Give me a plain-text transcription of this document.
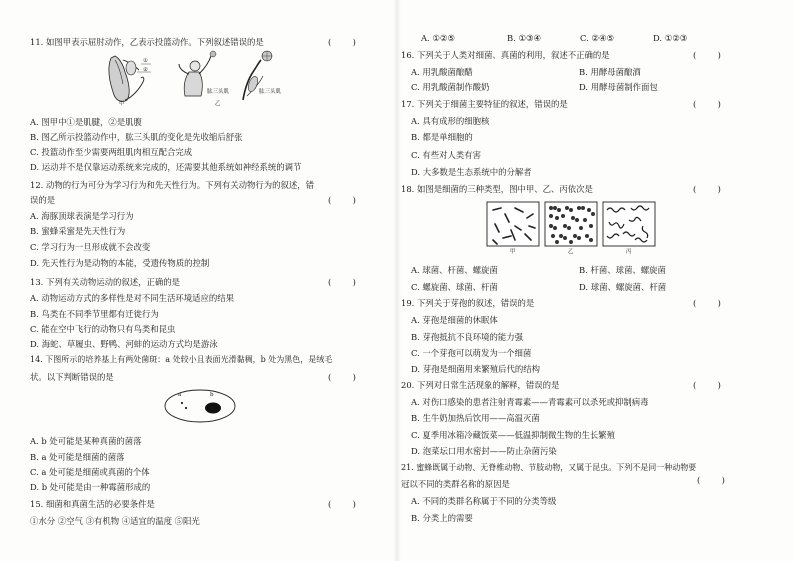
11. 如图甲表示屈肘动作，乙表示投篮动作。下列叙述错误的是	(        )
①
②
甲
肱三头肌
乙
肱三头肌
A. 图甲中①是肌腱，②是肌腹
B. 图乙所示投篮动作中，肱三头肌的变化是先收缩后舒张
C. 投篮动作至少需要两组肌肉相互配合完成
D. 运动并不是仅靠运动系统来完成的，还需要其他系统如神经系统的调节
12. 动物的行为可分为学习行为和先天性行为。下列有关动物行为的叙述，错
误的是	(        )
A. 海豚顶球表演是学习行为
B. 蜜蜂采蜜是先天性行为
C. 学习行为一旦形成就不会改变
D. 先天性行为是动物的本能，受遗传物质的控制
13. 下列有关动物运动的叙述，正确的是	(        )
A. 动物运动方式的多样性是对不同生活环境适应的结果
B. 鸟类在不同季节里都有迁徙行为
C. 能在空中飞行的动物只有鸟类和昆虫
D. 海蛇、草履虫、野鸭、河蚌的运动方式均是游泳
14. 下图所示的培养基上有两处菌斑：a 处较小且表面光滑黏稠，b 处为黑色，是绒毛
状。以下判断错误的是	(        )
a	b
A. b 处可能是某种真菌的菌落
B. a 处可能是细菌的菌落
C. a 处可能是细菌或真菌的个体
D. b 处可能是由一种霉菌形成的
15. 细菌和真菌生活的必要条件是	(        )
①水分 ②空气 ③有机物 ④适宜的温度 ⑤阳光
A. ①②⑤	B. ①③④	C. ②④⑤	D. ①②③
16. 下列关于人类对细菌、真菌的利用，叙述不正确的是	(        )
A. 用乳酸菌酿醋	B. 用酵母菌酿酒
C. 用乳酸菌制作酸奶	D. 用酵母菌制作面包
17. 下列关于细菌主要特征的叙述，错误的是	(        )
A. 具有成形的细胞核
B. 都是单细胞的
C. 有些对人类有害
D. 大多数是生态系统中的分解者
18. 如图是细菌的三种类型，图中甲、乙、丙依次是	(        )
甲	乙	丙
A. 球菌、杆菌、螺旋菌	B. 杆菌、球菌、螺旋菌
C. 螺旋菌、球菌、杆菌	D. 球菌、螺旋菌、杆菌
19. 下列关于芽孢的叙述，错误的是	(        )
A. 芽孢是细菌的休眠体
B. 芽孢抵抗不良环境的能力强
C. 一个芽孢可以萌发为一个细菌
D. 芽孢是细菌用来繁殖后代的结构
20. 下列对日常生活现象的解释，错误的是	(        )
A. 对伤口感染的患者注射青霉素——青霉素可以杀死或抑制病毒
B. 生牛奶加热后饮用——高温灭菌
C. 夏季用冰箱冷藏饭菜——低温抑制微生物的生长繁殖
D. 泡菜坛口用水密封——防止杂菌污染
21. 蜜蜂既属于动物、无脊椎动物、节肢动物，又属于昆虫。下列不是同一种动物要
冠以不同的类群名称的原因是	(        )
A. 不同的类群名称属于不同的分类等级
B. 分类上的需要
